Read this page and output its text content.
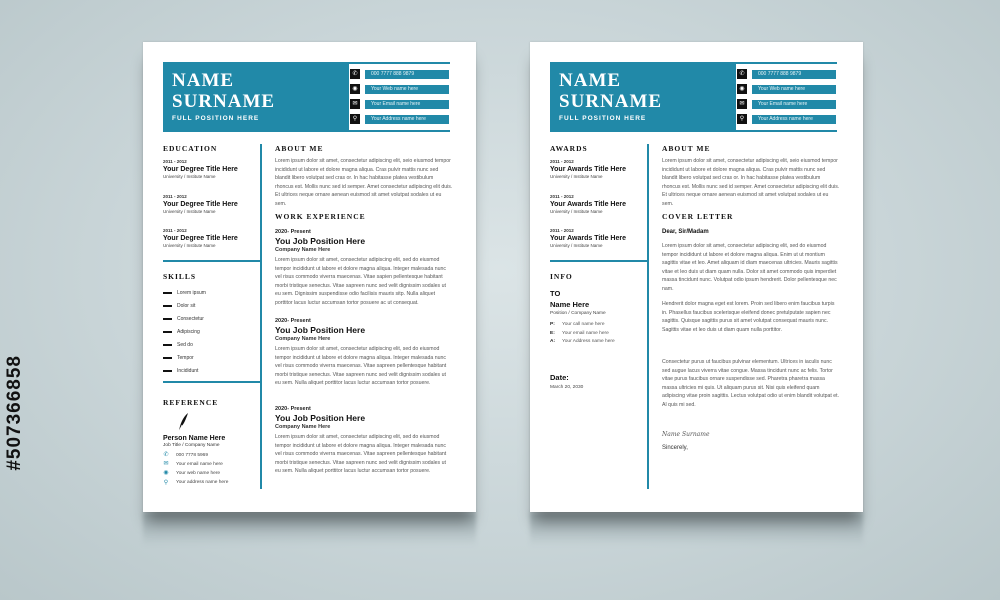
#507366858
NAME
SURNAME
FULL POSITION HERE
✆	000 7777 888 9879
◉	Your Web name here
✉	Your Email name here
⚲	Your Address name here
EDUCATION
2011 - 2012
Your Degree Title Here
University / Institute Name
2011 - 2012
Your Degree Title Here
University / Institute Name
2011 - 2012
Your Degree Title Here
University / Institute Name
SKILLS
Lorem ipsum
Dolor sit
Consectetur
Adipiscing
Sed do
Tempor
Incididunt
REFERENCE
Person Name Here
Job Title / Company Name
✆ 000 7778 5969
✉ Your email name here
◉ Your web name here
⚲ Your address name here
ABOUT ME
Lorem ipsum dolor sit amet, consectetur adipiscing elit, seio eiusmod tempor incididunt ut labore et dolore magna aliqua. Cras pulvir mattis nunc sed blandit libero volutpat sed cras or. In hac habitasse platea vestibulum rhoncus est. Mollis nunc sed id semper. Amet consectetur adipiscing elit duis. Et ultrices neque ornare aenean euismod sit amet volutpat sodales ut eu sem.
WORK EXPERIENCE
2020- Present
You Job Position Here
Company Name Here
Lorem ipsum dolor sit amet, consectetur adipiscing elit, sed do eiusmod tempor incididunt ut labore et dolore magna aliqua. Integer malesada nunc vel risus commodo viverra maecenas. Vitae sapien pellentesque habitant morbi tristique senectus. Vitae sapreen nunc sed velit dignissim sodales ut eu sem. Dignissim suspendisse odio facilisis mauris sitp. Nulla aliquet porttitor lacus luctur accumsan tortor posuere ac ut consequat.
2020- Present
You Job Position Here
Company Name Here
Lorem ipsum dolor sit amet, consectetur adipiscing elit, sed do eiusmod tempor incididunt ut labore et dolore magna aliqua. Integer malesada nunc vel risus commodo viverra maecenas. Vitae sapreen pellentesque habitant morbi tristique senectus. Vitae sapreen nunc sed velit dignissim sodales ut eu sem. Nulla aliquet porttitor lacus luctur accumsan tortor posuere.
2020- Present
You Job Position Here
Company Name Here
Lorem ipsum dolor sit amet, consectetur adipiscing elit, sed do eiusmod tempor incididunt ut labore et dolore magna aliqua. Integer malesada nunc vel risus commodo viverra maecenas. Vitae sapreen pellentesque habitant morbi tristique senectus. Vitae sapreen nunc sed velit dignissim sodales ut eu sem. Nulla aliquet porttitor lacus luctur accumsan tortor posuere.
NAME
SURNAME
FULL POSITION HERE
✆	000 7777 888 9879
◉	Your Web name here
✉	Your Email name here
⚲	Your Address name here
AWARDS
2011 - 2012
Your Awards Title Here
University / Institute Name
2011 - 2012
Your Awards Title Here
University / Institute Name
2011 - 2012
Your Awards Title Here
University / Institute Name
INFO
TO
Name Here
Position / Company Name
P:	Your call name here
E:	Your email name here
A:	Your Address name here
Date:
March 20, 2030
ABOUT ME
Lorem ipsum dolor sit amet, consectetur adipiscing elit, seio eiusmod tempor incididunt ut labore et dolore magna aliqua. Cras pulvir mattis nunc sed blandit libero volutpat sed cras or. In hac habitasse platea vestibulum rhoncus est. Mollis nunc sed id semper. Amet consectetur adipiscing elit duis. Et ultrices neque ornare aenean euismod sit amet volutpat sodales ut eu sem.
COVER LETTER
Dear, Sir/Madam
Lorem ipsum dolor sit amet, consectetur adipiscing elit, sed do eiusmod tempor incididunt ut labore et dolore magna aliqua. Enim ut ut montium sagittis vitae et leo. Amet aliquam id diam maecenas ultricies. Mauris sagittis vitae et leo duis ut diam quam nulla. Dolor sit amet commodo quis imperdiet massa tincidunt nunc. Volutpat odio ipsum hendrerit. Dolor pellentesque nec nam.
Hendrerit dolor magna eget est lorem. Proin sed libero enim faucibus turpis in. Phasellus faucibus scelerisque eleifend donec pretulputate sapien nec sagittis. Quisque sagittis purus sit amet volutpat consequat mauris nunc. Sagittis vitae et leo duis ut diam quam nulla porttitor.
Consectetur purus ut faucibus pulvinar elementum. Ultrices in iaculis nunc sed augue lacus viverra vitae congue. Massa tincidunt nunc ac felis. Tortor vitae purus faucibus ornare suspendisse sed. Pharetra pharetra massa massa ultricies mi quis. Ut aliquam purus sit. Nisi quis eleifend quam adipiscing vitae proin sagittis. Lectus volutpat odio ut enim blandit volutpat et. Al quis mi sed.
Name Surname
Sincerely,
